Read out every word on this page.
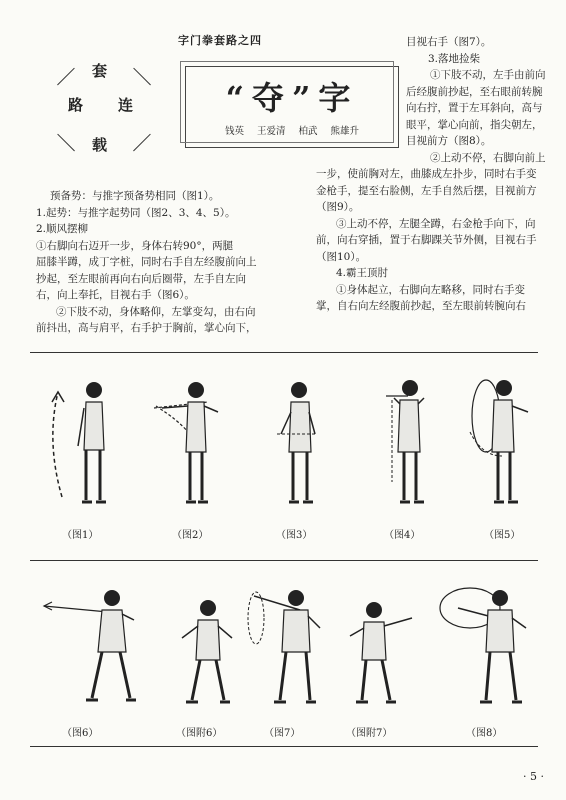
字门拳套路之四
套
路 连
载
“夺”字
钱英 王爱清 柏武 熊雄升
预备势：与推字预备势相同（图1）。
1.起势：与推字起势同（图2、3、4、5）。
2.顺风摆柳
①右脚向右迈开一步，身体右转90°，两腿
屈膝半蹲，成丁字桩，同时右手自左经腹前向上
抄起，至左眼前再向右向后圈带，左手自左向
右，向上奉托，目视右手（图6）。
②下肢不动，身体略仰，左掌变勾，由右向
前抖出，高与肩平，右手护于胸前，掌心向下，
目视右手（图7）。
3.落地捡柴
①下肢不动，左手由前向
后经腹前抄起，至右眼前转腕
向右拧，置于左耳斜向，高与
眼平，掌心向前，指尖朝左，
目视前方（图8）。
②上动不停，右脚向前上
一步，使前胸对左，曲膝成左扑步，同时右手变
金枪手，提至右脸侧，左手自然后摆，目视前方
（图9）。
③上动不停，左腿全蹲，右金枪手向下，向
前，向右穿插，置于右脚踝关节外侧，目视右手
（图10）。
4.霸王顶肘
①身体起立，右脚向左略移，同时右手变
掌，自右向左经腹前抄起，至左眼前转腕向右
（图1）	（图2）	（图3）	（图4）	（图5）
（图6）	（图附6）	（图7）	（图附7）	（图8）
· 5 ·
